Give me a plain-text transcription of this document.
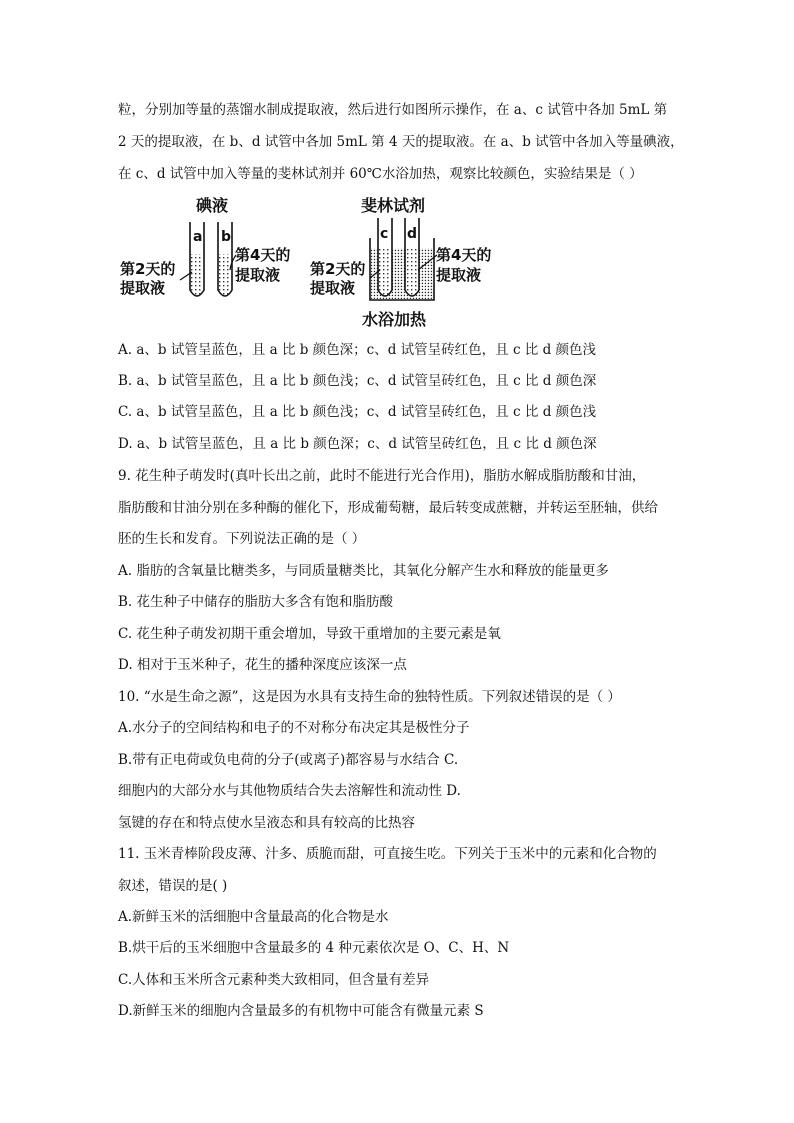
粒，分别加等量的蒸馏水制成提取液，然后进行如图所示操作，在 a、c 试管中各加 5mL 第
2 天的提取液，在 b、d 试管中各加 5mL 第 4 天的提取液。在 a、b 试管中各加入等量碘液，
在 c、d 试管中加入等量的斐林试剂并 60℃水浴加热，观察比较颜色，实验结果是（ ）
碘液
a b
第2天的
提取液
第4天的
提取液
斐林试剂
c d
第2天的
提取液
第4天的
提取液
水浴加热
A. a、b 试管呈蓝色，且 a 比 b 颜色深；c、d 试管呈砖红色，且 c 比 d 颜色浅
B. a、b 试管呈蓝色，且 a 比 b 颜色浅；c、d 试管呈砖红色，且 c 比 d 颜色深
C. a、b 试管呈蓝色，且 a 比 b 颜色浅；c、d 试管呈砖红色，且 c 比 d 颜色浅
D. a、b 试管呈蓝色，且 a 比 b 颜色深；c、d 试管呈砖红色，且 c 比 d 颜色深
9. 花生种子萌发时(真叶长出之前，此时不能进行光合作用)，脂肪水解成脂肪酸和甘油，
脂肪酸和甘油分别在多种酶的催化下，形成葡萄糖，最后转变成蔗糖，并转运至胚轴，供给
胚的生长和发育。下列说法正确的是（ ）
A. 脂肪的含氧量比糖类多，与同质量糖类比，其氧化分解产生水和释放的能量更多
B. 花生种子中储存的脂肪大多含有饱和脂肪酸
C. 花生种子萌发初期干重会增加，导致干重增加的主要元素是氧
D. 相对于玉米种子，花生的播种深度应该深一点
10. “水是生命之源”，这是因为水具有支持生命的独特性质。下列叙述错误的是（ ）
A.水分子的空间结构和电子的不对称分布决定其是极性分子
B.带有正电荷或负电荷的分子(或离子)都容易与水结合 C.
细胞内的大部分水与其他物质结合失去溶解性和流动性 D.
氢键的存在和特点使水呈液态和具有较高的比热容
11. 玉米青棒阶段皮薄、汁多、质脆而甜，可直接生吃。下列关于玉米中的元素和化合物的
叙述，错误的是( )
A.新鲜玉米的活细胞中含量最高的化合物是水
B.烘干后的玉米细胞中含量最多的 4 种元素依次是 O、C、H、N
C.人体和玉米所含元素种类大致相同，但含量有差异
D.新鲜玉米的细胞内含量最多的有机物中可能含有微量元素 S
